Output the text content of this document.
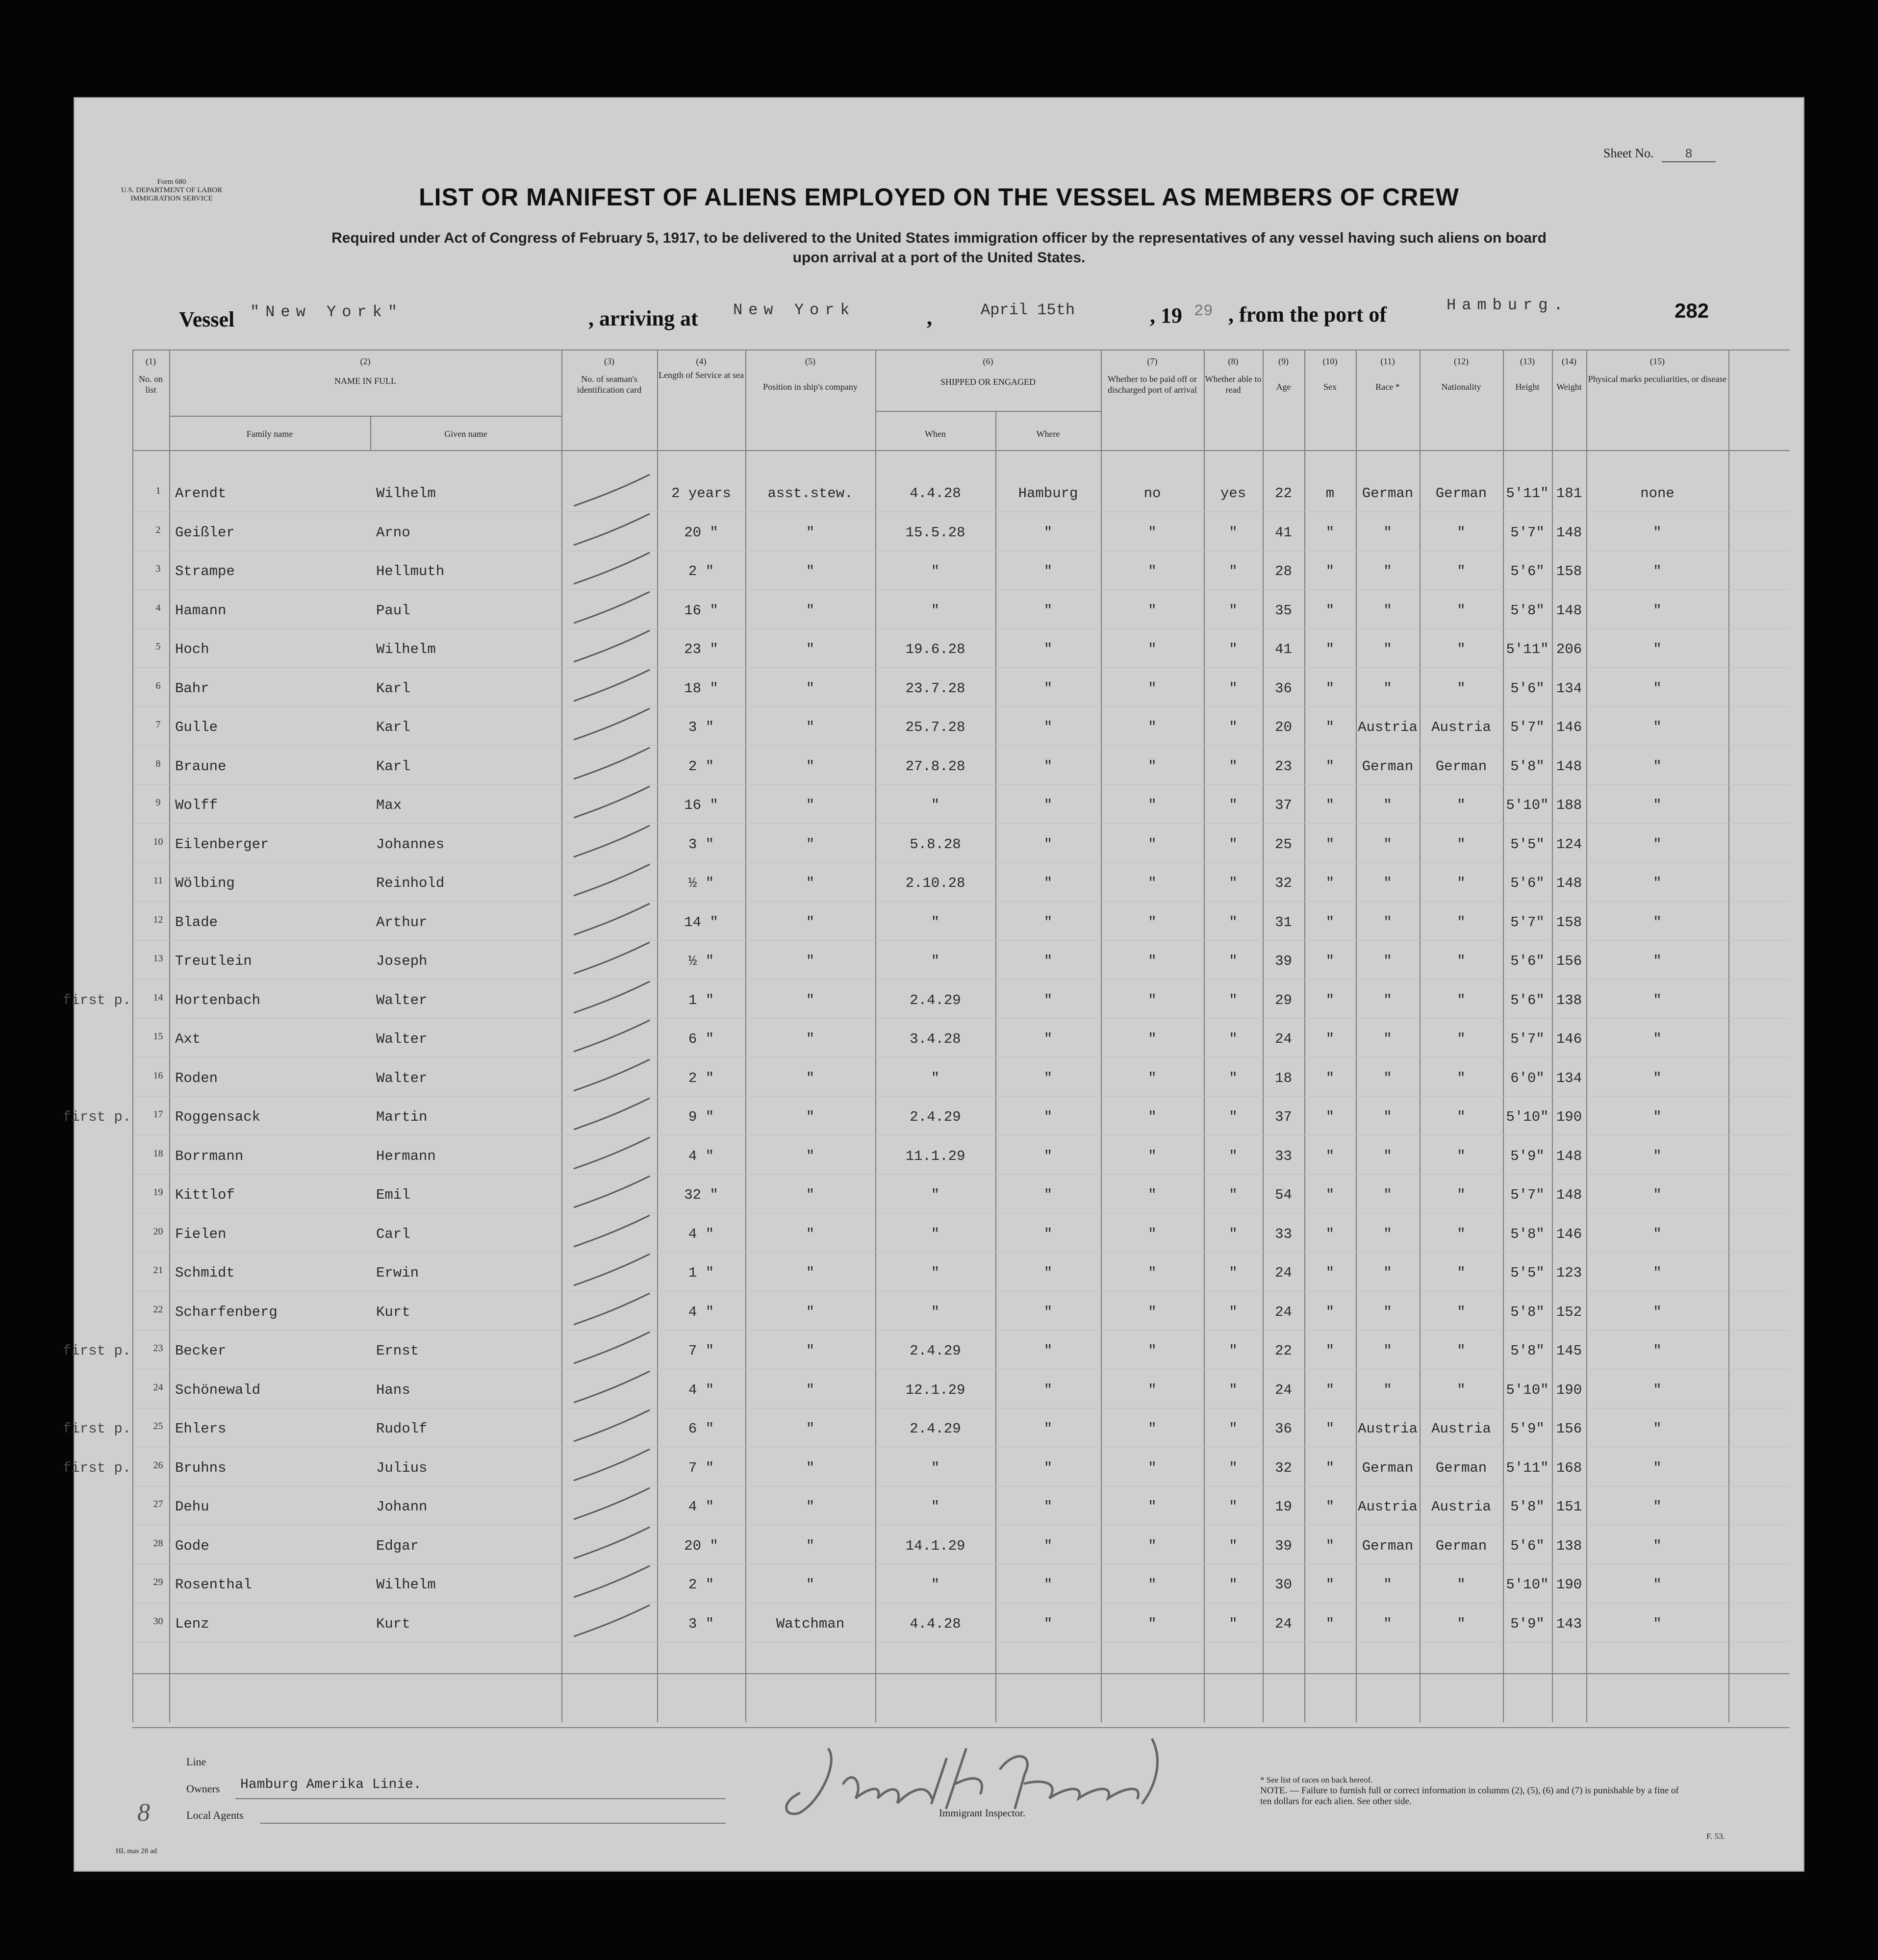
Form 680
U.S. DEPARTMENT OF LABOR
IMMIGRATION SERVICE
Sheet No. 8
LIST OR MANIFEST OF ALIENS EMPLOYED ON THE VESSEL AS MEMBERS OF CREW
Required under Act of Congress of February 5, 1917, to be delivered to the United States immigration officer by the representatives of any vessel having such aliens on board
upon arrival at a port of the United States.
Vessel "New York"	, arriving at New York	,	April 15th	, 19 29 , from the port of	Hamburg.	282
(1)
No. on list
(2)
NAME IN FULL
Family name	Given name
(3)
No. of seaman's identification card
(4)
Length of Service at sea
(5)
Position in ship's company
(6)
SHIPPED OR ENGAGED
When	Where
(7)
Whether to be paid off or discharged port of arrival
(8)
Whether able to read
(9)
Age
(10)
Sex
(11)
Race *
(12)
Nationality
(13)
Height
(14)
Weight
(15)
Physical marks peculiarities, or disease
1	Arendt	Wilhelm	2 years	asst.stew.	4.4.28	Hamburg	no	yes	22	m	German	German	5'11" 181	none
2	Geißler	Arno	20 "	"	15.5.28	"	"	"	41	"	"	"	5'7" 148	"
3	Strampe	Hellmuth	2 "	"	"	"	"	"	28	"	"	"	5'6" 158	"
4	Hamann	Paul	16 "	"	"	"	"	"	35	"	"	"	5'8" 148	"
5	Hoch	Wilhelm	23 "	"	19.6.28	"	"	"	41	"	"	"	5'11" 206	"
6	Bahr	Karl	18 "	"	23.7.28	"	"	"	36	"	"	"	5'6" 134	"
7	Gulle	Karl	3 "	"	25.7.28	"	"	"	20	"	Austria Austria	5'7" 146	"
8	Braune	Karl	2 "	"	27.8.28	"	"	"	23	"	German	German	5'8" 148	"
9	Wolff	Max	16 "	"	"	"	"	"	37	"	"	"	5'10" 188	"
10 Eilenberger	Johannes	3 "	"	5.8.28	"	"	"	25	"	"	"	5'5" 124	"
11 Wölbing	Reinhold	½ "	"	2.10.28	"	"	"	32	"	"	"	5'6" 148	"
12 Blade	Arthur	14 "	"	"	"	"	"	31	"	"	"	5'7" 158	"
13 Treutlein	Joseph	½ "	"	"	"	"	"	39	"	"	"	5'6" 156	"
14 Hortenbach	Walter	1 "	"	2.4.29	"	"	"	29	"	"	"	5'6" 138	"
first p.
15 Axt	Walter	6 "	"	3.4.28	"	"	"	24	"	"	"	5'7" 146	"
16 Roden	Walter	2 "	"	"	"	"	"	18	"	"	"	6'0" 134	"
17 Roggensack	Martin	9 "	"	2.4.29	"	"	"	37	"	"	"	5'10" 190	"
first p.
18 Borrmann	Hermann	4 "	"	11.1.29	"	"	"	33	"	"	"	5'9" 148	"
19 Kittlof	Emil	32 "	"	"	"	"	"	54	"	"	"	5'7" 148	"
20 Fielen	Carl	4 "	"	"	"	"	"	33	"	"	"	5'8" 146	"
21 Schmidt	Erwin	1 "	"	"	"	"	"	24	"	"	"	5'5" 123	"
22 Scharfenberg	Kurt	4 "	"	"	"	"	"	24	"	"	"	5'8" 152	"
23 Becker	Ernst	7 "	"	2.4.29	"	"	"	22	"	"	"	5'8" 145	"
first p.
24 Schönewald	Hans	4 "	"	12.1.29	"	"	"	24	"	"	"	5'10" 190	"
25 Ehlers	Rudolf	6 "	"	2.4.29	"	"	"	36	"	Austria Austria	5'9" 156	"
first p.
26 Bruhns	Julius	7 "	"	"	"	"	"	32	"	German	German	5'11" 168	"
first p.
27 Dehu	Johann	4 "	"	"	"	"	"	19	"	Austria Austria	5'8" 151	"
28 Gode	Edgar	20 "	"	14.1.29	"	"	"	39	"	German	German	5'6" 138	"
29 Rosenthal	Wilhelm	2 "	"	"	"	"	"	30	"	"	"	5'10" 190	"
30 Lenz	Kurt	3 "	Watchman	4.4.28	"	"	"	24	"	"	"	5'9" 143	"
Line
Owners Hamburg Amerika Linie.
Local Agents	Immigrant Inspector.
* See list of races on back hereof.
NOTE. — Failure to furnish full or correct information in columns (2), (5), (6) and (7) is punishable by a fine of ten dollars for each alien. See other side.
HL mas 28 ad
F. 53.
8
